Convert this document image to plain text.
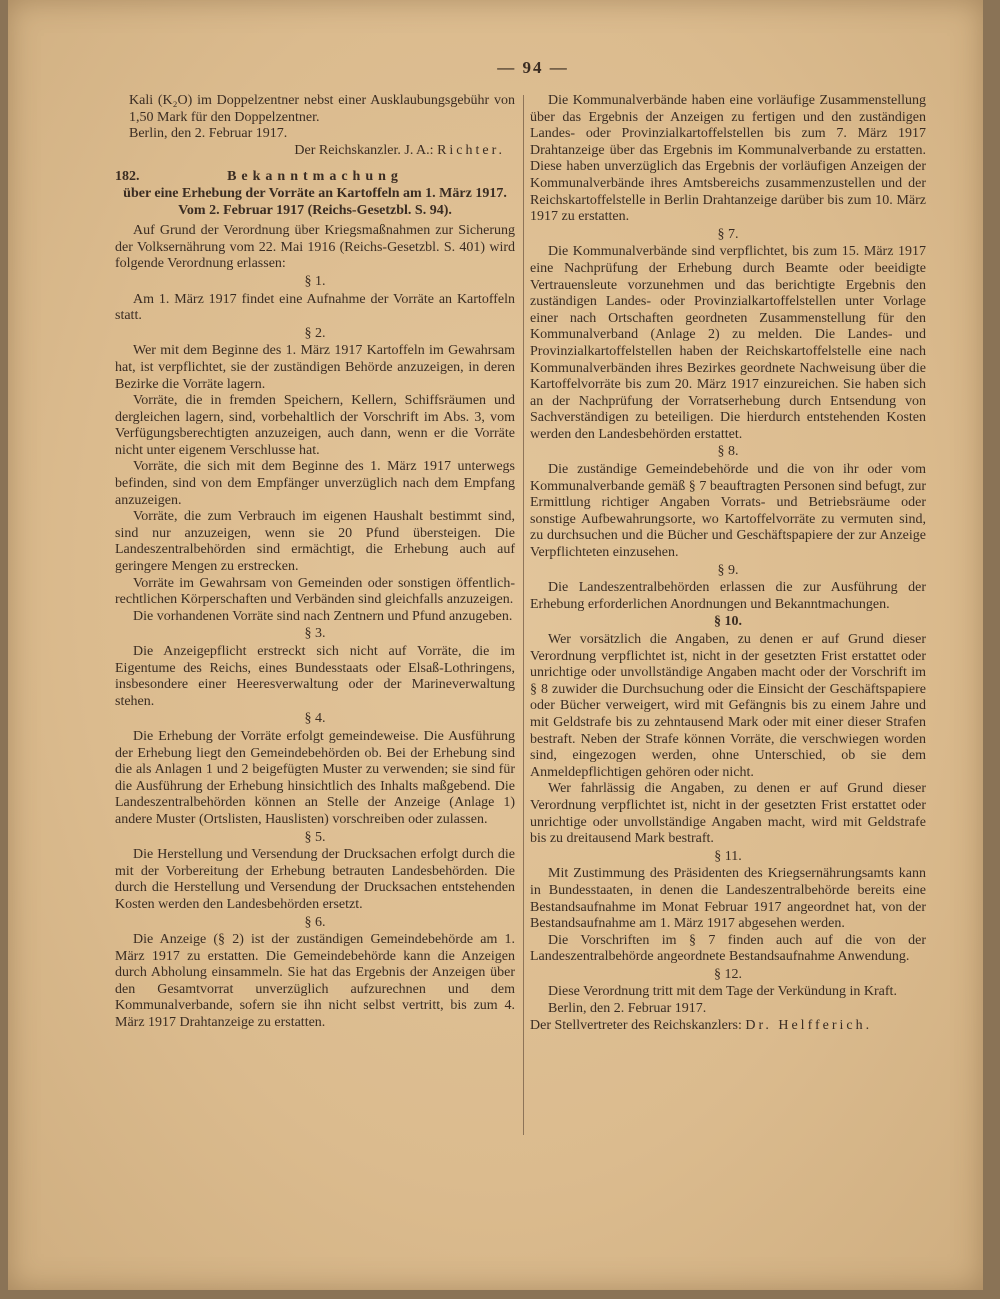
— 94 —

Kali (K₂O) im Doppelzentner nebst einer Ausklaubungsgebühr von 1,50 Mark für den Doppelzentner.

Berlin, den 2. Februar 1917.

Der Reichskanzler. J. A.: Richter.
182.	Bekanntmachung
über eine Erhebung der Vorräte an Kartoffeln am 1. März 1917. Vom 2. Februar 1917 (Reichs-Gesetzbl. S. 94).

Auf Grund der Verordnung über Kriegsmaßnahmen zur Sicherung der Volksernährung vom 22. Mai 1916 (Reichs-Gesetzbl. S. 401) wird folgende Verordnung erlassen:

§ 1.

Am 1. März 1917 findet eine Aufnahme der Vorräte an Kartoffeln statt.

§ 2.

Wer mit dem Beginne des 1. März 1917 Kartoffeln im Gewahrsam hat, ist verpflichtet, sie der zuständigen Behörde anzuzeigen, in deren Bezirke die Vorräte lagern.

Vorräte, die in fremden Speichern, Kellern, Schiffsräumen und dergleichen lagern, sind, vorbehaltlich der Vorschrift im Abs. 3, vom Verfügungsberechtigten anzuzeigen, auch dann, wenn er die Vorräte nicht unter eigenem Verschlusse hat.

Vorräte, die sich mit dem Beginne des 1. März 1917 unterwegs befinden, sind von dem Empfänger unverzüglich nach dem Empfang anzuzeigen.

Vorräte, die zum Verbrauch im eigenen Haushalt bestimmt sind, sind nur anzuzeigen, wenn sie 20 Pfund übersteigen. Die Landeszentralbehörden sind ermächtigt, die Erhebung auch auf geringere Mengen zu erstrecken.

Vorräte im Gewahrsam von Gemeinden oder sonstigen öffentlich-rechtlichen Körperschaften und Verbänden sind gleichfalls anzuzeigen.

Die vorhandenen Vorräte sind nach Zentnern und Pfund anzugeben.

§ 3.

Die Anzeigepflicht erstreckt sich nicht auf Vorräte, die im Eigentume des Reichs, eines Bundesstaats oder Elsaß-Lothringens, insbesondere einer Heeresverwaltung oder der Marineverwaltung stehen.

§ 4.

Die Erhebung der Vorräte erfolgt gemeindeweise. Die Ausführung der Erhebung liegt den Gemeindebehörden ob. Bei der Erhebung sind die als Anlagen 1 und 2 beigefügten Muster zu verwenden; sie sind für die Ausführung der Erhebung hinsichtlich des Inhalts maßgebend. Die Landeszentralbehörden können an Stelle der Anzeige (Anlage 1) andere Muster (Ortslisten, Hauslisten) vorschreiben oder zulassen.

§ 5.

Die Herstellung und Versendung der Drucksachen erfolgt durch die mit der Vorbereitung der Erhebung betrauten Landesbehörden. Die durch die Herstellung und Versendung der Drucksachen entstehenden Kosten werden den Landesbehörden ersetzt.

§ 6.

Die Anzeige (§ 2) ist der zuständigen Gemeindebehörde am 1. März 1917 zu erstatten. Die Gemeindebehörde kann die Anzeigen durch Abholung einsammeln. Sie hat das Ergebnis der Anzeigen über den Gesamtvorrat unverzüglich aufzurechnen und dem Kommunalverbande, sofern sie ihn nicht selbst vertritt, bis zum 4. März 1917 Drahtanzeige zu erstatten.

Die Kommunalverbände haben eine vorläufige Zusammenstellung über das Ergebnis der Anzeigen zu fertigen und den zuständigen Landes- oder Provinzialkartoffelstellen bis zum 7. März 1917 Drahtanzeige über das Ergebnis im Kommunalverbande zu erstatten. Diese haben unverzüglich das Ergebnis der vorläufigen Anzeigen der Kommunalverbände ihres Amtsbereichs zusammenzustellen und der Reichskartoffelstelle in Berlin Drahtanzeige darüber bis zum 10. März 1917 zu erstatten.

§ 7.

Die Kommunalverbände sind verpflichtet, bis zum 15. März 1917 eine Nachprüfung der Erhebung durch Beamte oder beeidigte Vertrauensleute vorzunehmen und das berichtigte Ergebnis den zuständigen Landes- oder Provinzialkartoffelstellen unter Vorlage einer nach Ortschaften geordneten Zusammenstellung für den Kommunalverband (Anlage 2) zu melden. Die Landes- und Provinzialkartoffelstellen haben der Reichskartoffelstelle eine nach Kommunalverbänden ihres Bezirkes geordnete Nachweisung über die Kartoffelvorräte bis zum 20. März 1917 einzureichen. Sie haben sich an der Nachprüfung der Vorratserhebung durch Entsendung von Sachverständigen zu beteiligen. Die hierdurch entstehenden Kosten werden den Landesbehörden erstattet.

§ 8.

Die zuständige Gemeindebehörde und die von ihr oder vom Kommunalverbande gemäß § 7 beauftragten Personen sind befugt, zur Ermittlung richtiger Angaben Vorrats- und Betriebsräume oder sonstige Aufbewahrungsorte, wo Kartoffelvorräte zu vermuten sind, zu durchsuchen und die Bücher und Geschäftspapiere der zur Anzeige Verpflichteten einzusehen.

§ 9.

Die Landeszentralbehörden erlassen die zur Ausführung der Erhebung erforderlichen Anordnungen und Bekanntmachungen.

§ 10.

Wer vorsätzlich die Angaben, zu denen er auf Grund dieser Verordnung verpflichtet ist, nicht in der gesetzten Frist erstattet oder unrichtige oder unvollständige Angaben macht oder der Vorschrift im § 8 zuwider die Durchsuchung oder die Einsicht der Geschäftspapiere oder Bücher verweigert, wird mit Gefängnis bis zu einem Jahre und mit Geldstrafe bis zu zehntausend Mark oder mit einer dieser Strafen bestraft. Neben der Strafe können Vorräte, die verschwiegen worden sind, eingezogen werden, ohne Unterschied, ob sie dem Anmeldepflichtigen gehören oder nicht.

Wer fahrlässig die Angaben, zu denen er auf Grund dieser Verordnung verpflichtet ist, nicht in der gesetzten Frist erstattet oder unrichtige oder unvollständige Angaben macht, wird mit Geldstrafe bis zu dreitausend Mark bestraft.

§ 11.

Mit Zustimmung des Präsidenten des Kriegsernährungsamts kann in Bundesstaaten, in denen die Landeszentralbehörde bereits eine Bestandsaufnahme im Monat Februar 1917 angeordnet hat, von der Bestandsaufnahme am 1. März 1917 abgesehen werden.

Die Vorschriften im § 7 finden auch auf die von der Landeszentralbehörde angeordnete Bestandsaufnahme Anwendung.

§ 12.

Diese Verordnung tritt mit dem Tage der Verkündung in Kraft.

Berlin, den 2. Februar 1917.

Der Stellvertreter des Reichskanzlers: Dr. Helfferich.
